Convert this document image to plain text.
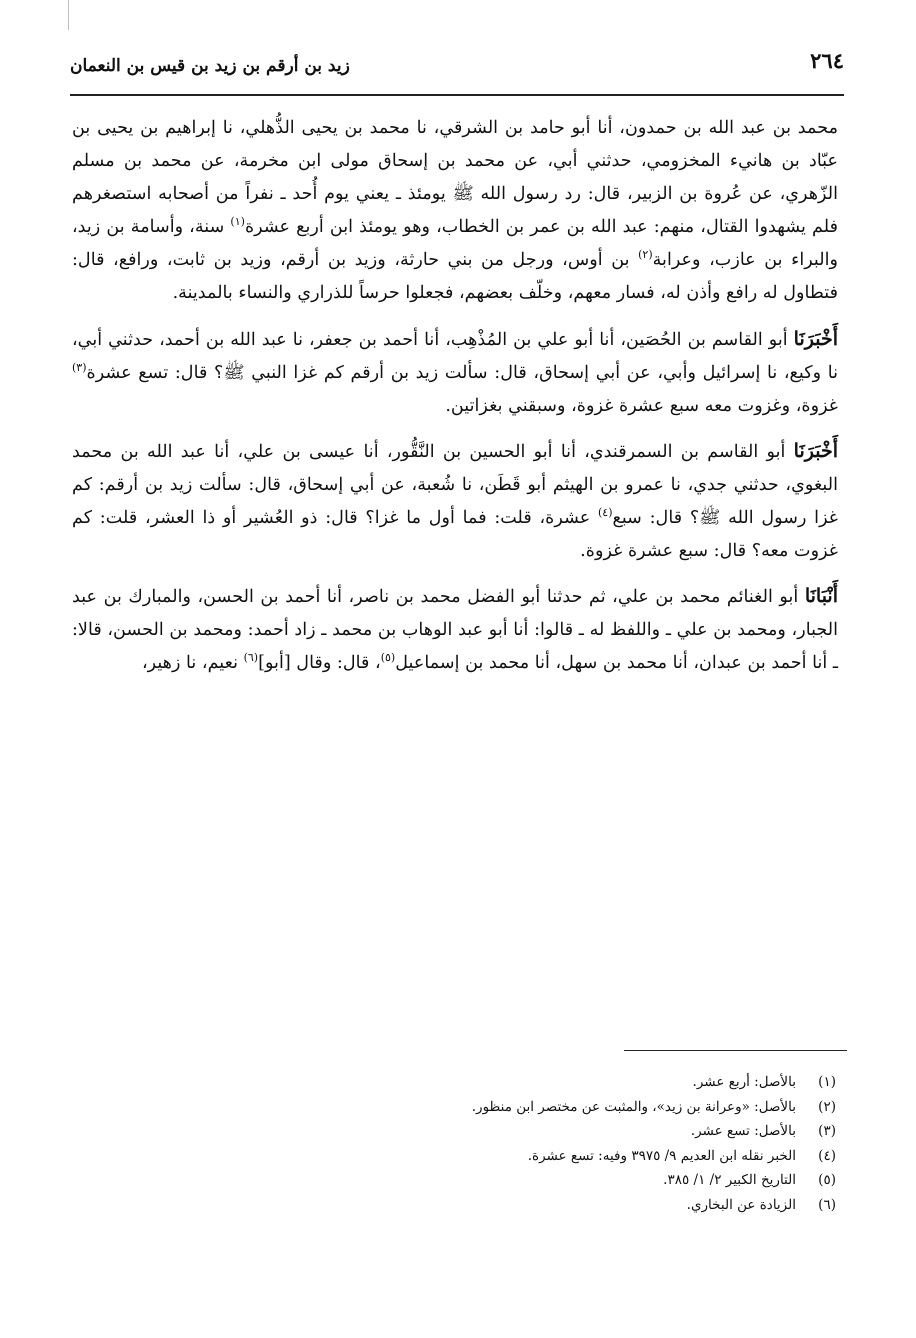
٢٦٤
زيد بن أرقم بن زيد بن قيس بن النعمان

محمد بن عبد الله بن حمدون، أنا أبو حامد بن الشرقي، نا محمد بن يحيى الذُّهلي، نا إبراهيم بن يحيى بن عبّاد بن هانيء المخزومي، حدثني أبي، عن محمد بن إسحاق مولى ابن مخرمة، عن محمد بن مسلم الزّهري، عن عُروة بن الزبير، قال: رد رسول الله ﷺ يومئذ ـ يعني يوم أُحد ـ نفراً من أصحابه استصغرهم فلم يشهدوا القتال، منهم: عبد الله بن عمر بن الخطاب، وهو يومئذ ابن أربع عشرة$^{(١)}$ سنة، وأسامة بن زيد، والبراء بن عازب، وعرابة$^{(٢)}$ بن أوس، ورجل من بني حارثة، وزيد بن أرقم، وزيد بن ثابت، ورافع، قال: فتطاول له رافع وأذن له، فسار معهم، وخلّف بعضهم، فجعلوا حرساً للذراري والنساء بالمدينة.

أَخْبَرَنَا أبو القاسم بن الحُصَين، أنا أبو علي بن المُذْهِب، أنا أحمد بن جعفر، نا عبد الله بن أحمد، حدثني أبي، نا وكيع، نا إسرائيل وأبي، عن أبي إسحاق، قال: سألت زيد بن أرقم كم غزا النبي ﷺ؟ قال: تسع عشرة$^{(٣)}$ غزوة، وغزوت معه سبع عشرة غزوة، وسبقني بغزاتين.

أَخْبَرَنَا أبو القاسم بن السمرقندي، أنا أبو الحسين بن النَّقُّور، أنا عيسى بن علي، أنا عبد الله بن محمد البغوي، حدثني جدي، نا عمرو بن الهيثم أبو قَطَن، نا شُعبة، عن أبي إسحاق، قال: سألت زيد بن أرقم: كم غزا رسول الله ﷺ؟ قال: سبع$^{(٤)}$ عشرة، قلت: فما أول ما غزا؟ قال: ذو العُشير أو ذا العشر، قلت: كم غزوت معه؟ قال: سبع عشرة غزوة.

أَنْبَانَا أبو الغنائم محمد بن علي، ثم حدثنا أبو الفضل محمد بن ناصر، أنا أحمد بن الحسن، والمبارك بن عبد الجبار، ومحمد بن علي ـ واللفظ له ـ قالوا: أنا أبو عبد الوهاب بن محمد ـ زاد أحمد: ومحمد بن الحسن، قالا: ـ أنا أحمد بن عبدان، أنا محمد بن سهل، أنا محمد بن إسماعيل$^{(٥)}$، قال: وقال [أبو]$^{(٦)}$ نعيم، نا زهير،

(١)
بالأصل: أربع عشر.
(٢)
بالأصل: «وعرانة بن زيد»، والمثبت عن مختصر ابن منظور.
(٣)
بالأصل: تسع عشر.
(٤)
الخبر نقله ابن العديم ٩/ ٣٩٧٥ وفيه: تسع عشرة.
(٥)
التاريخ الكبير ٢/ ١/ ٣٨٥.
(٦)
الزيادة عن البخاري.
